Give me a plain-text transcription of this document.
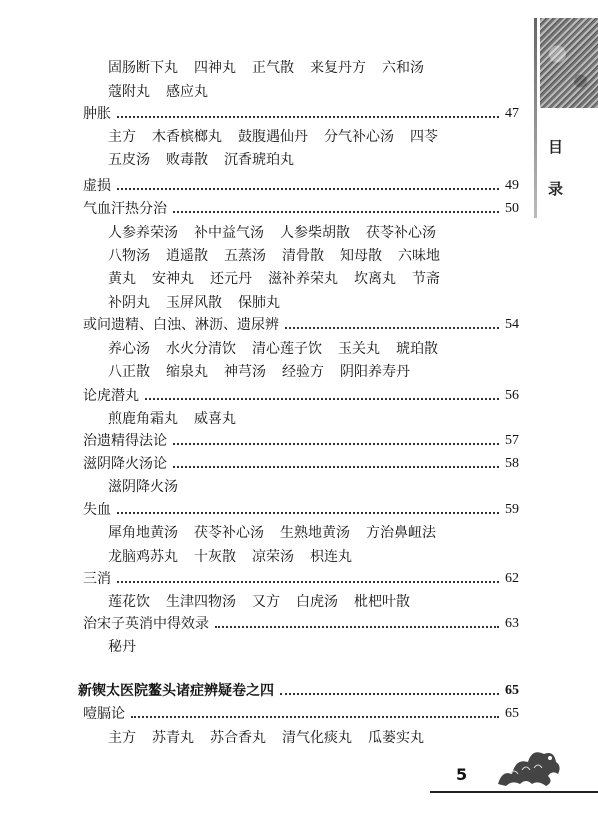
目
录
固肠断下丸 四神丸 正气散 来复丹方 六和汤
蔻附丸 感应丸
肿胀	47
主方 木香槟榔丸 鼓腹遇仙丹 分气补心汤 四苓
五皮汤 败毒散 沉香琥珀丸
虚损	49
气血汗热分治	50
人参养荣汤 补中益气汤 人参柴胡散 茯苓补心汤
八物汤 逍遥散 五蒸汤 清骨散 知母散 六味地
黄丸 安神丸 还元丹 滋补养荣丸 坎离丸 节斋
补阴丸 玉屏风散 保肺丸
或问遗精、白浊、淋沥、遗尿辨	54
养心汤 水火分清饮 清心莲子饮 玉关丸 琥珀散
八正散 缩泉丸 神芎汤 经验方 阴阳养寿丹
论虎潜丸	56
煎鹿角霜丸 威喜丸
治遗精得法论	57
滋阴降火汤论	58
滋阴降火汤
失血	59
犀角地黄汤 茯苓补心汤 生熟地黄汤 方治鼻衄法
龙脑鸡苏丸 十灰散 凉荣汤 枳连丸
三消	62
莲花饮 生津四物汤 又方 白虎汤 枇杷叶散
治宋子英消中得效录	63
秘丹
新锲太医院鳌头诸症辨疑卷之四	65
噎膈论	65
主方 苏青丸 苏合香丸 清气化痰丸 瓜蒌实丸
5
